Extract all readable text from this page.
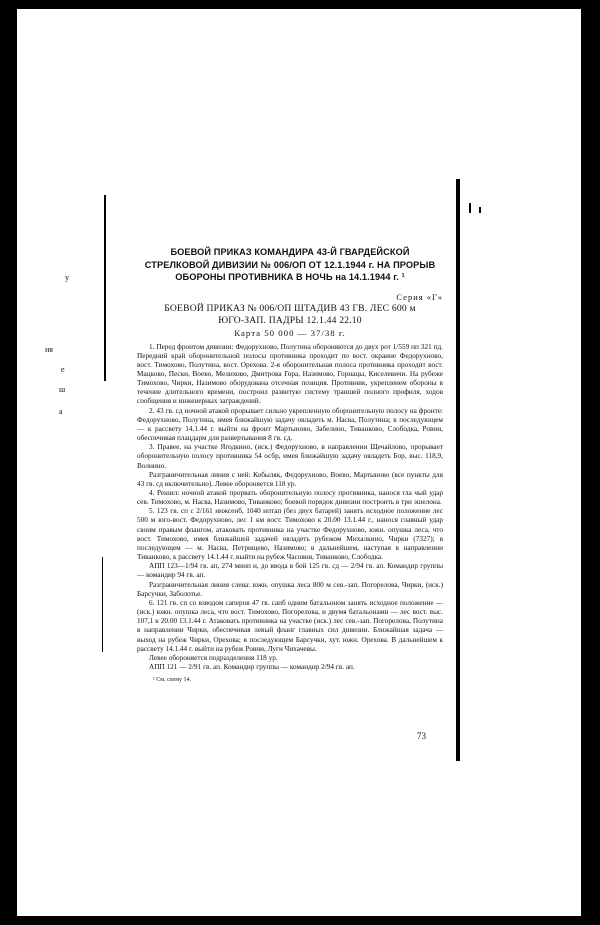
у
ия
е
ш
а
БОЕВОЙ ПРИКАЗ КОМАНДИРА 43-Й ГВАРДЕЙСКОЙ
СТРЕЛКОВОЙ ДИВИЗИИ № 006/ОП ОТ 12.1.1944 г. НА ПРОРЫВ
ОБОРОНЫ ПРОТИВНИКА В НОЧЬ на 14.1.1944 г. ¹
Серия «Г»
БОЕВОЙ ПРИКАЗ № 006/ОП ШТАДИВ 43 ГВ. ЛЕС 600 м
ЮГО-ЗАП. ПАДРЫ 12.1.44 22.10
Карта 50 000 — 37/38 г.

1. Перед фронтом дивизии: Федорухново, Полутина обороняются до двух рот 1/559 пп 321 пд. Передний край оборонительной полосы противника проходит по вост. окраине Федорухново, вост. Тимохово, Полутина, вост. Орехова. 2-я оборонительная полоса противника проходит вост. Мацково, Пески, Воево, Мелихово, Дмитрова Гора, Назимово, Горнацы, Киселевичи. На рубеже Тимохово, Чирки, Назимово оборудована отсечная позиция. Противник, укрепленем обороны в течение длительного времени, построил развитую систему траншей полного профиля, ходов сообщения и инженерных заграждений.

2. 43 гв. сд ночной атакой прорывает сильно укрепленную оборонительную полосу на фронте: Федорухново, Полутина, имея ближайшую задачу овладеть м. Насва, Полутина; в последующем — к рассвету 14.1.44 г. выйти на фронт Мартыново, Забелино, Тиванково, Слободка, Ровни, обеспечивая плацдарм для развертывания 8 гв. сд.

3. Правее, на участке Ягодкино, (иск.) Федорухново, в направлении Щечайлово, прорывает оборонительную полосу противника 54 осбр, имея ближайшую задачу овладеть Бор, выс. 118,9, Волнино.

Разграничительная линия с ней: Кобыляк, Федорухново, Воево, Мартыново (все пункты для 43 гв. сд включительно). Левее обороняется 118 ур.

4. Решил: ночной атакой прорвать оборонительную полосу противника, нанося гла чый удар сев. Тимохово, м. Насва, Назимово, Тиванково; боевой порядок дивизии построить в три эшелона.

5. 123 гв. сп с 2/161 инжсенб, 1040 иптап (без двух батарей) занять исходное положение лес 500 м юго-вост. Федорухново, лес 1 км вост. Тимохово к 20.00 13.1.44 г., нанося главный удар своим правым флангом, атаковать противника на участке Федорухново, южн. опушка леса, что вост. Тимохово, имея ближайшей задачей овладеть рубежом Михалкино, Чирки (7327); в последующем — м. Насва, Петрищево, Назимово; в дальнейшем, наступая в направлении Тиванково, к рассвету 14.1.44 г. выйти на рубеж Часовня, Тиванково, Слободка.

АПП 123—1/94 гв. ап, 274 минп и, до ввода в бой 125 гв. сд — 2/94 гв. ап. Командир группы — командир 94 гв. ап.

Разграничительная линия слева: южн. опушка леса 800 м сев.-зап. Погорелова, Чирки, (иск.) Барсучки, Заболотье.

6. 121 гв. сп со взводом саперов 47 гв. сапб одним батальоном занять исходное положение — (иск.) южн. опушка леса, что вост. Тимохово, Погорелова, и двумя батальонами — лес вост. выс. 107,1 к 20.00 13.1.44 г. Атаковать противника на участке (иск.) лес сев.-зап. Погорелова, Полутина в направлении Чирки, обеспечивая левый фланг главных сил дивизии. Ближайшая задача — выход на рубеж Чирки, Орехова; в последующем Барсучки, хут. южн. Орехова. В дальнейшем к рассвету 14.1.44 г. выйти на рубеж Ровни, Луги Чихачевы.

Левее обороняется подразделения 118 ур.

АПП 121 — 2/91 гв. ап. Командир группы — командир 2/94 гв. ап.

¹ См. схему 14.
73
